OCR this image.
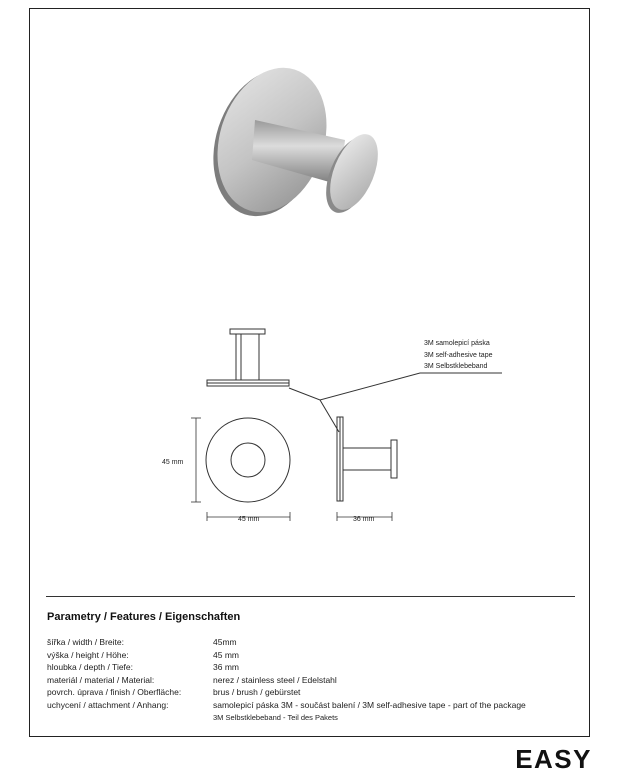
3M samolepicí páska
3M self-adhesive tape
3M Selbstklebeband
45 mm
45 mm	36 mm
Parametry / Features / Eigenschaften
šířka / width / Breite:	45mm
výška / height / Höhe:	45 mm
hloubka / depth / Tiefe:	36 mm
materiál / material / Material:	nerez / stainless steel / Edelstahl
povrch. úprava / finish / Oberfläche:	brus / brush / gebürstet
uchycení / attachment / Anhang:	samolepicí páska 3M - součást balení / 3M self-adhesive tape - part of the package
3M Selbstklebeband - Teil des Pakets
EASY
